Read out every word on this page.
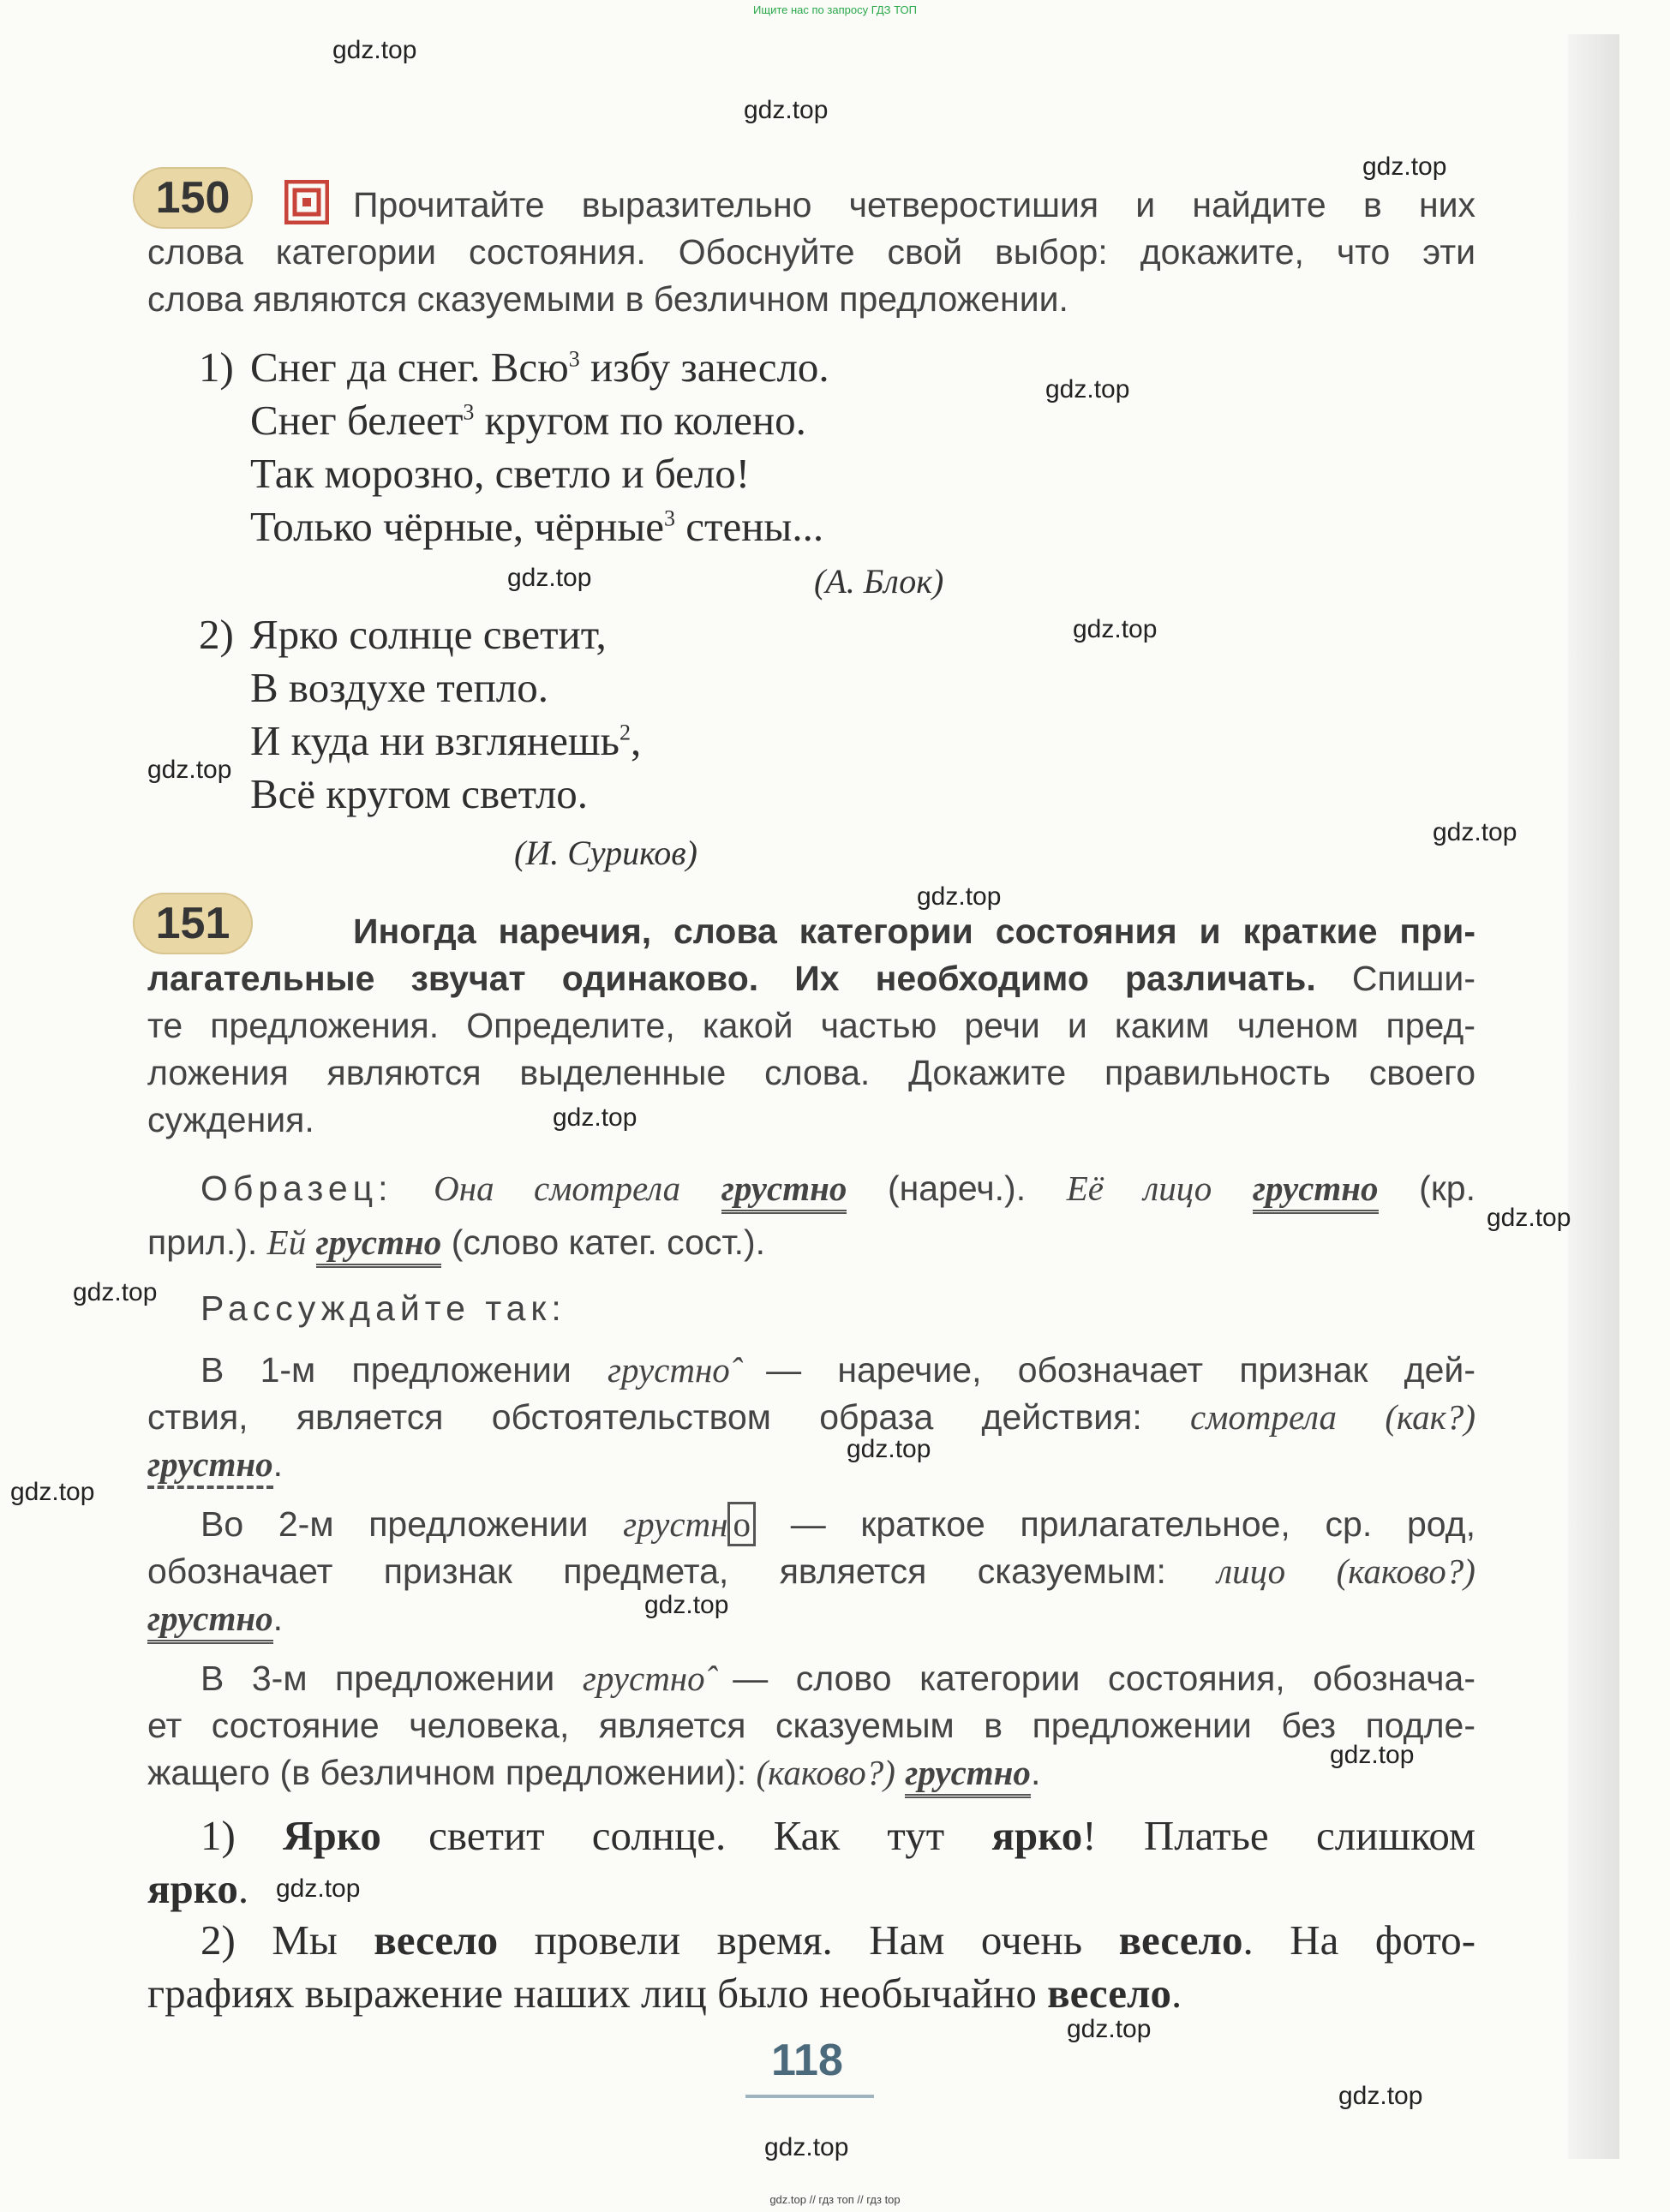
Ищите нас по запросу ГДЗ ТОП
gdz.top
gdz.top
gdz.top
gdz.top
gdz.top
gdz.top
gdz.top
gdz.top
gdz.top
gdz.top
gdz.top
gdz.top
gdz.top
gdz.top
gdz.top
gdz.top
gdz.top
gdz.top
gdz.top
gdz.top
150	Прочитайте выразительно четверостишия и найдите в них
слова категории состояния. Обоснуйте свой выбор: докажите, что эти
слова являются сказуемыми в безличном предложении.
1) Снег да снег. Всю$^3$ избу занесло.
Снег белеет$^3$ кругом по колено.
Так морозно, светло и бело!
Только чёрные, чёрные$^3$ стены...
(А. Блок)
2) Ярко солнце светит,
В воздухе тепло.
И куда ни взглянешь$^2$,
Всё кругом светло.
(И. Суриков)
151	Иногда наречия, слова категории состояния и краткие при-
лагательные звучат одинаково. Их необходимо различать. Спиши-
те предложения. Определите, какой частью речи и каким членом пред-
ложения являются выделенные слова. Докажите правильность своего
суждения.
Образец: Она смотрела грустно (нареч.). Её лицо грустно (кр.
прил.). Ей грустно (слово катег. сост.).
Рассуждайте так:
В 1-м предложении грустно̂ — наречие, обозначает признак дей-
ствия, является обстоятельством образа действия: смотрела (как?)
грустно.
Во 2-м предложении грустн о — краткое прилагательное, ср. род,
обозначает признак предмета, является сказуемым: лицо (каково?)
грустно.
В 3-м предложении грустно̂ — слово категории состояния, обознача-
ет состояние человека, является сказуемым в предложении без подле-
жащего (в безличном предложении): (каково?) грустно.
1) Ярко светит солнце. Как тут ярко! Платье слишком
ярко.
2) Мы весело провели время. Нам очень весело. На фото-
графиях выражение наших лиц было необычайно весело.
118
gdz.top // гдз топ // гдз top
